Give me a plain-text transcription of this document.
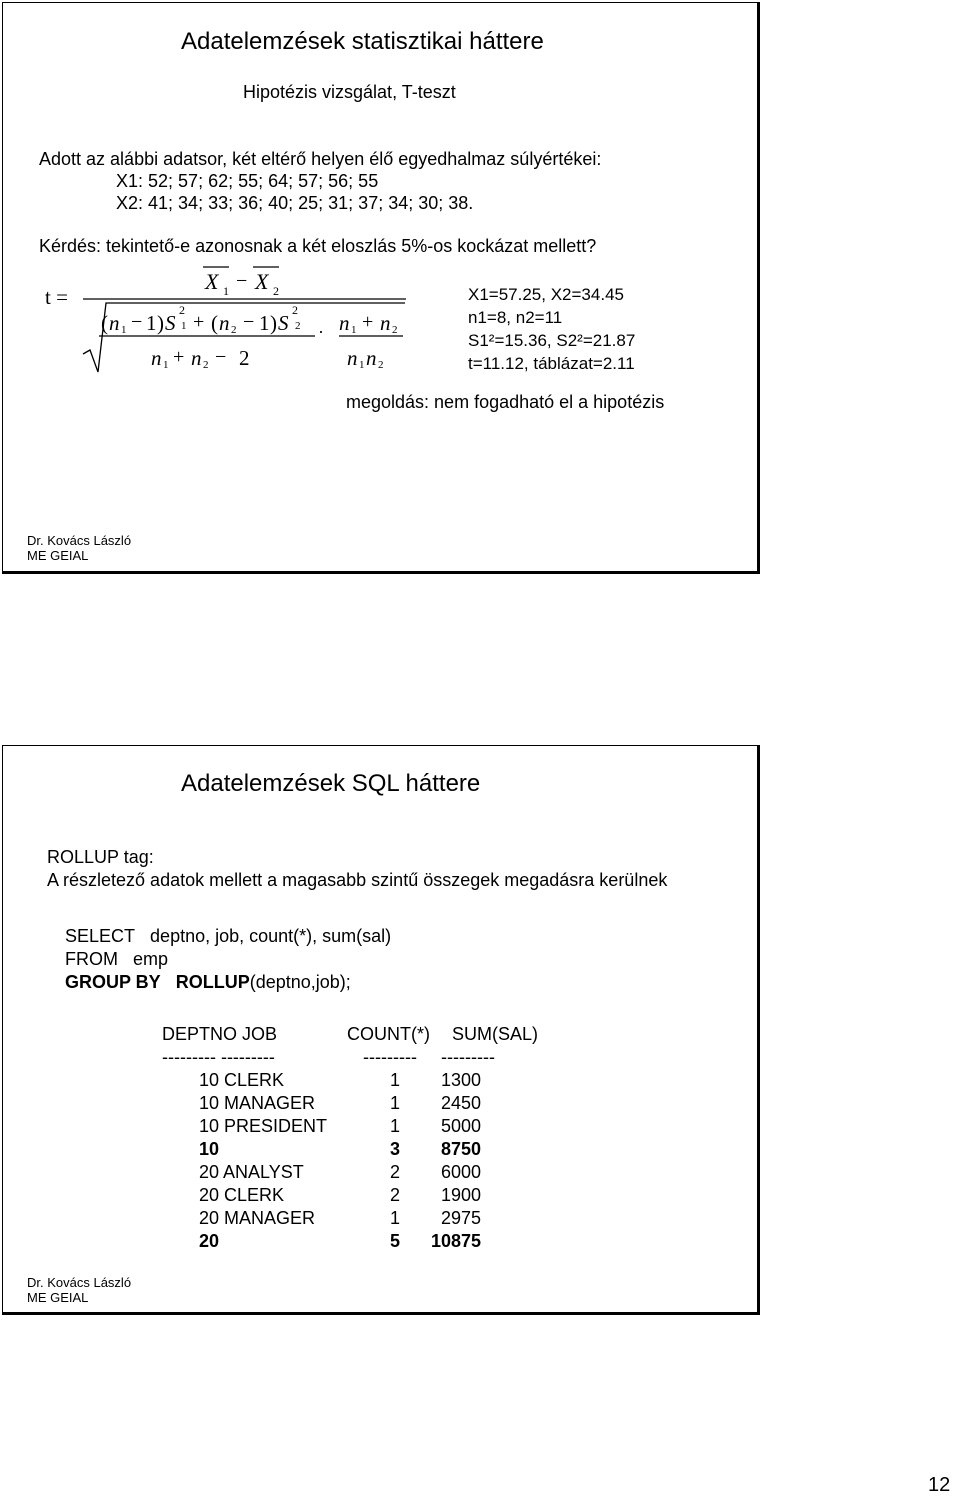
Adatelemzések statisztikai háttere
Hipotézis vizsgálat, T-teszt
Adott az alábbi adatsor, két eltérő helyen élő egyedhalmaz súlyértékei:
X1: 52; 57; 62; 55; 64; 57; 56; 55
X2: 41; 34; 33; 36; 40; 25; 31; 37; 34; 30; 38.
Kérdés: tekintető-e azonosnak a két eloszlás 5%-os kockázat mellett?
t =
X 1 − X 2
( n 1 − 1 ) S
2
1 + ( n 2 − 1 ) S
2
2
n 1 + n 2 − 2
· n 1 + n 2
n 1 n 2
X1=57.25, X2=34.45
n1=8, n2=11
S1²=15.36, S2²=21.87
t=11.12, táblázat=2.11
megoldás: nem fogadható el a hipotézis
Dr. Kovács László
ME GEIAL
Adatelemzések SQL háttere
ROLLUP tag:
A részletező adatok mellett a magasabb szintű összegek megadásra kerülnek
SELECT deptno, job, count(*), sum(sal)
FROM emp
GROUP BY ROLLUP(deptno,job);
DEPTNO JOB	COUNT(*) SUM(SAL)
--------- ---------	--------- ---------
10 CLERK	1	1300
10 MANAGER	1	2450
10 PRESIDENT	1	5000
10	3	8750
20 ANALYST	2	6000
20 CLERK	2	1900
20 MANAGER	1	2975
20	5	10875
Dr. Kovács László
ME GEIAL
12
